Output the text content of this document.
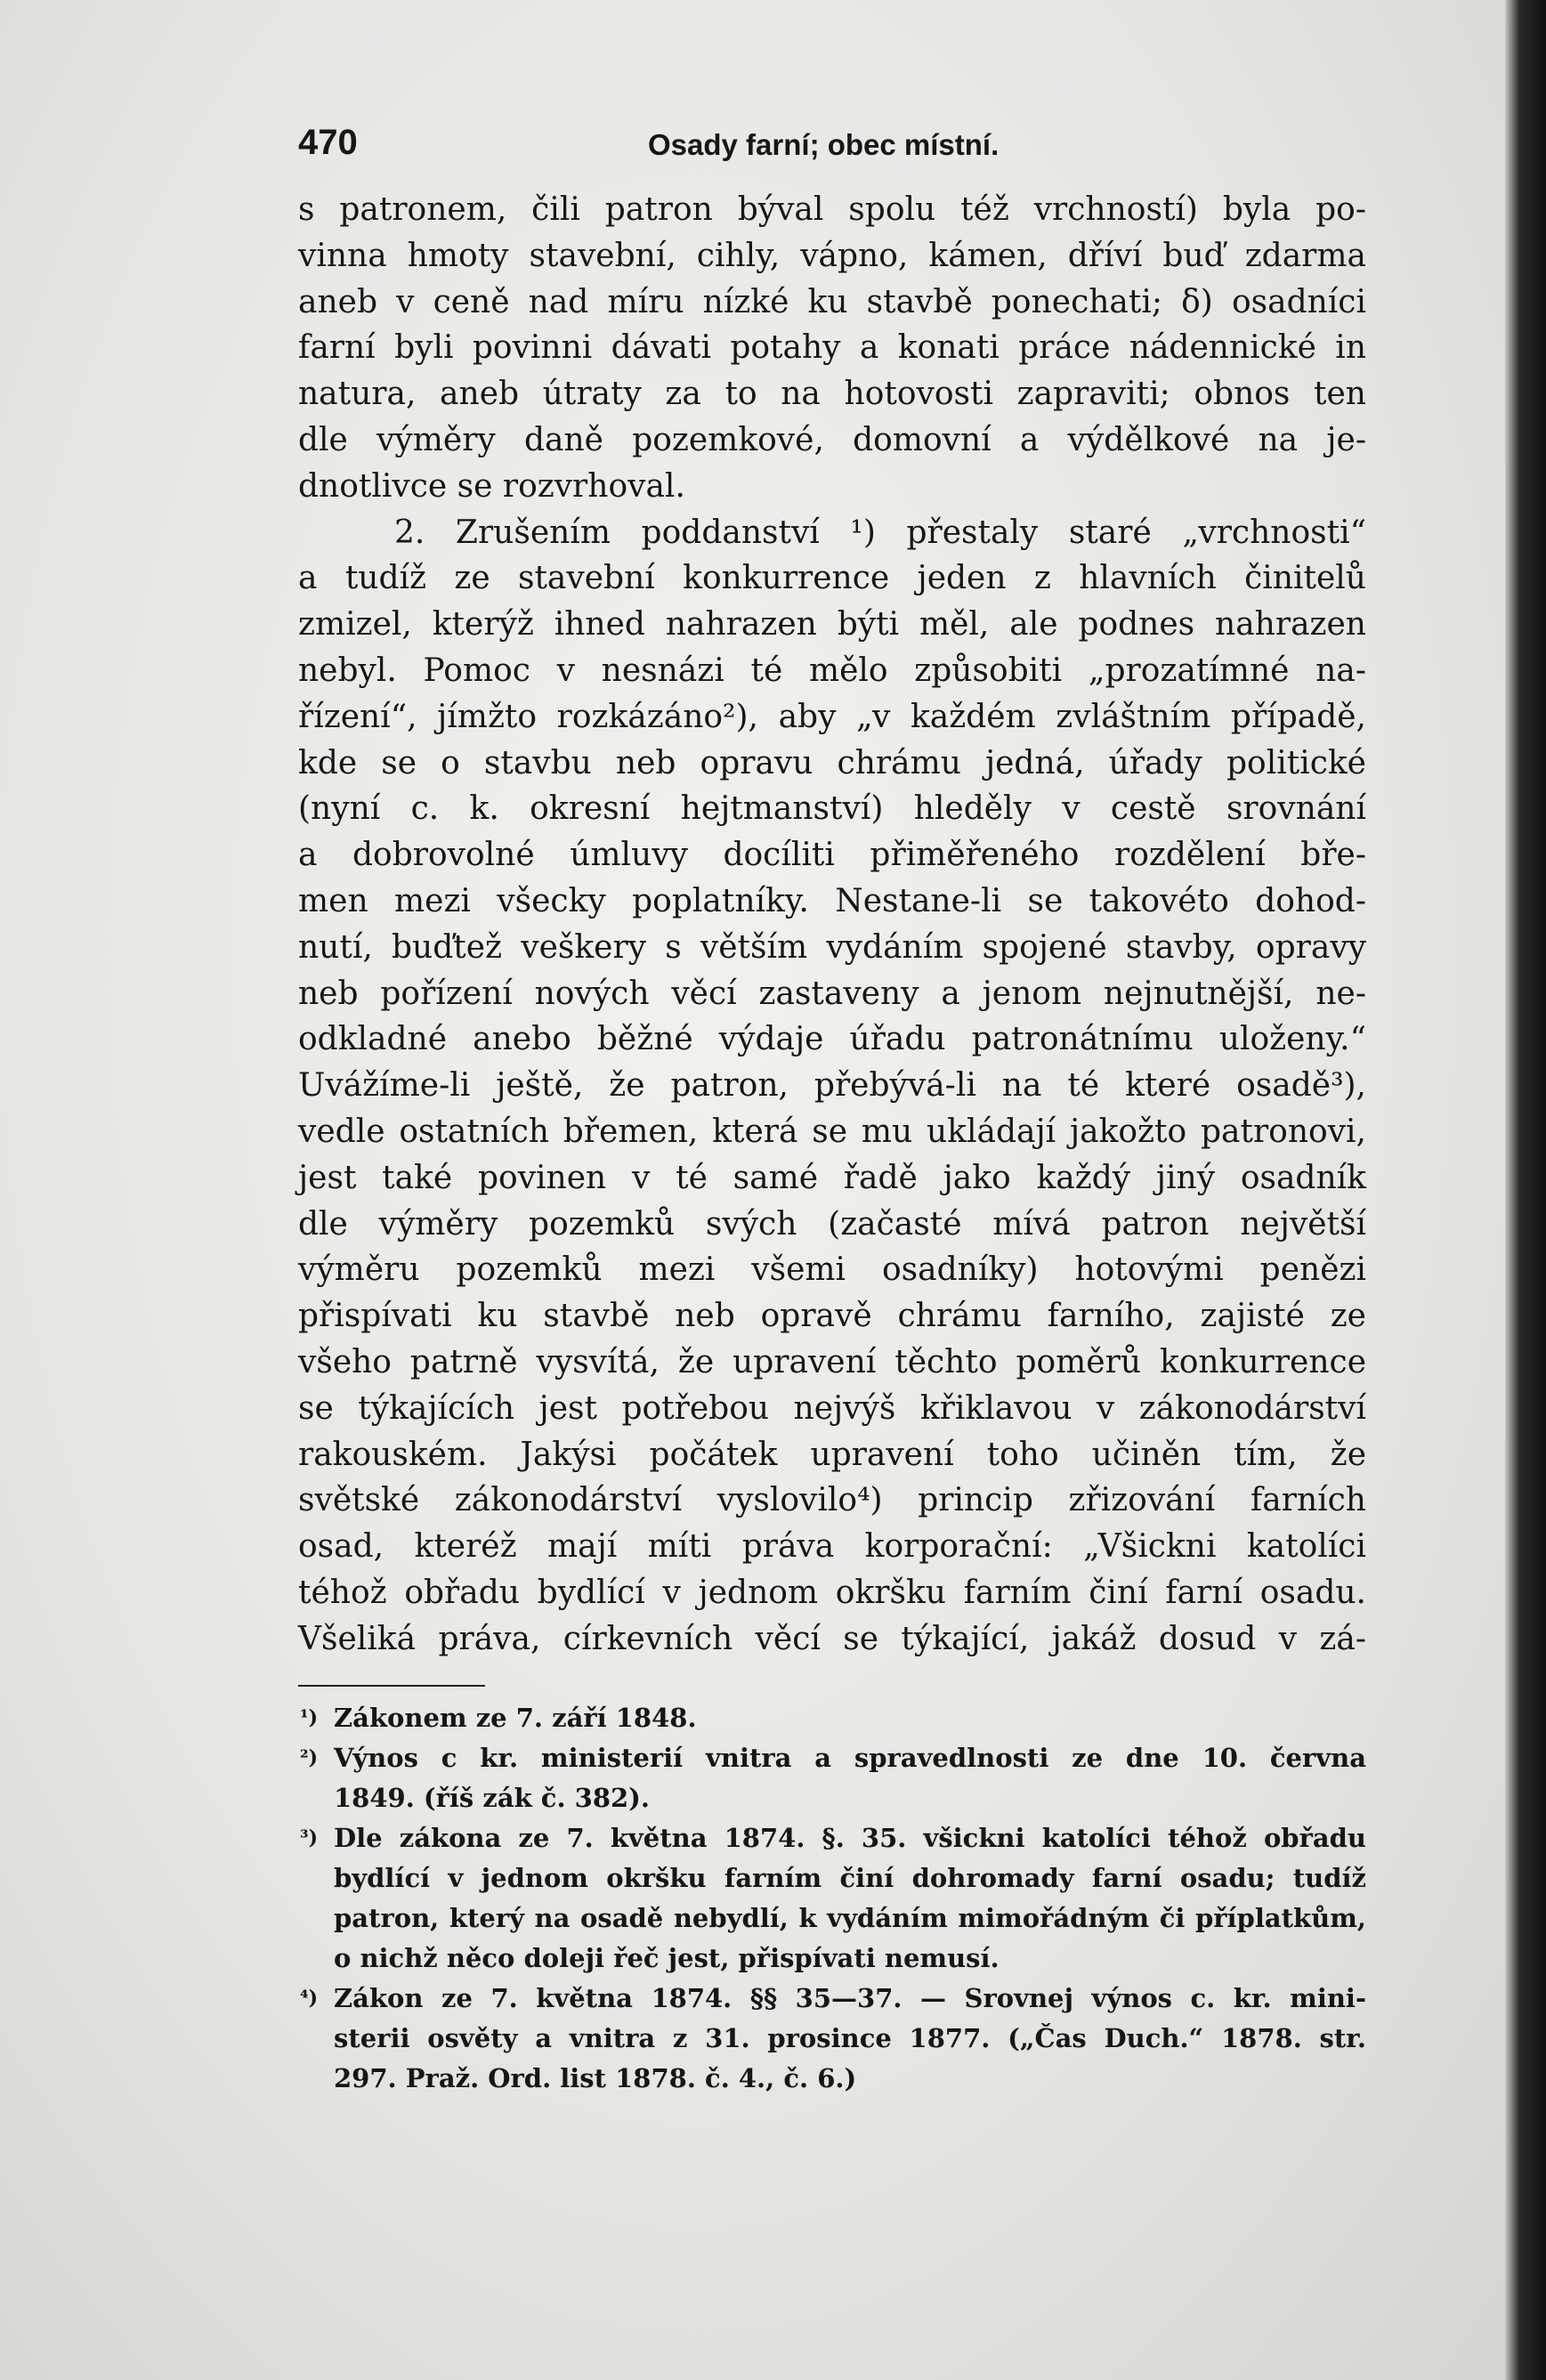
470	Osady farní; obec místní.
s patronem, čili patron býval spolu též vrchností) byla po-
vinna hmoty stavební, cihly, vápno, kámen, dříví buď zdarma
aneb v ceně nad míru nízké ku stavbě ponechati; δ) osadníci
farní byli povinni dávati potahy a konati práce nádennické in
natura, aneb útraty za to na hotovosti zapraviti; obnos ten
dle výměry daně pozemkové, domovní a výdělkové na je-
dnotlivce se rozvrhoval.
2. Zrušením poddanství ¹) přestaly staré „vrchnosti“
a tudíž ze stavební konkurrence jeden z hlavních činitelů
zmizel, kterýž ihned nahrazen býti měl, ale podnes nahrazen
nebyl. Pomoc v nesnázi té mělo způsobiti „prozatímné na-
řízení“, jímžto rozkázáno²), aby „v každém zvláštním případě,
kde se o stavbu neb opravu chrámu jedná, úřady politické
(nyní c. k. okresní hejtmanství) hleděly v cestě srovnání
a dobrovolné úmluvy docíliti přiměřeného rozdělení bře-
men mezi všecky poplatníky. Nestane-li se takovéto dohod-
nutí, buďtež veškery s větším vydáním spojené stavby, opravy
neb pořízení nových věcí zastaveny a jenom nejnutnější, ne-
odkladné anebo běžné výdaje úřadu patronátnímu uloženy.“
Uvážíme-li ještě, že patron, přebývá-li na té které osadě³),
vedle ostatních břemen, která se mu ukládají jakožto patronovi,
jest také povinen v té samé řadě jako každý jiný osadník
dle výměry pozemků svých (začasté mívá patron největší
výměru pozemků mezi všemi osadníky) hotovými penězi
přispívati ku stavbě neb opravě chrámu farního, zajisté ze
všeho patrně vysvítá, že upravení těchto poměrů konkurrence
se týkajících jest potřebou nejvýš křiklavou v zákonodárství
rakouském. Jakýsi počátek upravení toho učiněn tím, že
světské zákonodárství vyslovilo⁴) princip zřizování farních
osad, kteréž mají míti práva korporační: „Všickni katolíci
téhož obřadu bydlící v jednom okršku farním činí farní osadu.
Všeliká práva, církevních věcí se týkající, jakáž dosud v zá-
¹) Zákonem ze 7. září 1848.
²) Výnos c kr. ministerií vnitra a spravedlnosti ze dne 10. června
1849. (říš zák č. 382).
³) Dle zákona ze 7. května 1874. §. 35. všickni katolíci téhož obřadu
bydlící v jednom okršku farním činí dohromady farní osadu; tudíž
patron, který na osadě nebydlí, k vydáním mimořádným či příplatkům,
o nichž něco doleji řeč jest, přispívati nemusí.
⁴) Zákon ze 7. května 1874. §§ 35—37. — Srovnej výnos c. kr. mini-
sterii osvěty a vnitra z 31. prosince 1877. („Čas Duch.“ 1878. str.
297. Praž. Ord. list 1878. č. 4., č. 6.)
